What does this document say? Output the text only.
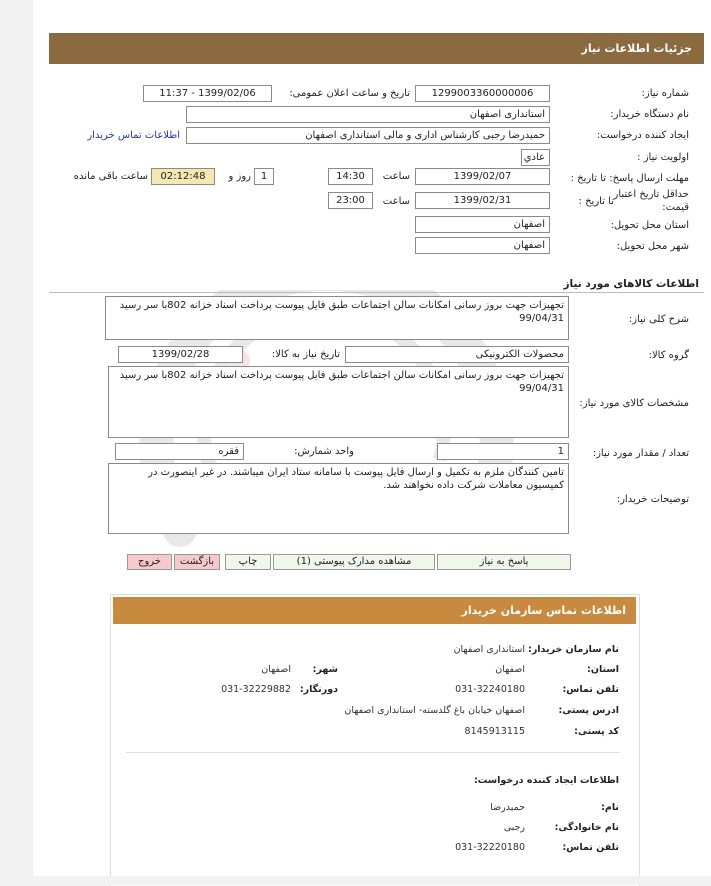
جزئیات اطلاعات نیاز
شماره نیاز:
1299003360000006
تاریخ و ساعت اعلان عمومی:
1399/02/06 - 11:37
نام دستگاه خریدار:
استانداری اصفهان
ایجاد کننده درخواست:
حمیدرضا رجبی کارشناس اداری و مالی استانداری اصفهان
اطلاعات تماس خریدار
اولویت نیاز :
عادي
مهلت ارسال پاسخ: تا تاریخ :
1399/02/07
ساعت
14:30
1
روز و
02:12:48
ساعت باقی مانده
حداقل تاریخ اعتبار قیمت:
تا تاریخ :
1399/02/31
ساعت
23:00
استان محل تحویل:
اصفهان
شهر محل تحویل:
اصفهان
اطلاعات کالاهای مورد نیاز
شرح کلی نیاز:
تجهیزات جهت بروز رسانی امکانات سالن اجتماعات طبق فایل پیوست پرداخت اسناد خزانه 802با سر رسید 99/04/31
گروه کالا:
محصولات الکترونیکی
تاریخ نیاز به کالا:
1399/02/28
مشخصات کالای مورد نیاز:
تجهیزات جهت بروز رسانی امکانات سالن اجتماعات طبق فایل پیوست پرداخت اسناد خزانه 802با سر رسید 99/04/31
تعداد / مقدار مورد نیاز:
1
واحد شمارش:
فقره
توضیحات خریدار:
تامین کنندگان ملزم به تکمیل و ارسال فایل پیوست با سامانه ستاد ایران میباشند. در غیر اینصورت در کمیسیون معاملات شرکت داده نخواهند شد.
پاسخ به نیاز
مشاهده مدارک پیوستی (1)
چاپ
بازگشت
خروج
اطلاعات تماس سازمان خریدار
نام سازمان خریدار:
استانداری اصفهان
استان:
اصفهان
شهر:
اصفهان
تلفن تماس:
031-32240180
دورنگار:
031-32229882
ادرس پستی:
اصفهان خیابان باغ گلدسته- استانداری اصفهان
کد پستی:
8145913115
اطلاعات ایجاد کننده درخواست:
نام:
حمیدرضا
نام خانوادگی:
رجبی
تلفن تماس:
031-32220180
